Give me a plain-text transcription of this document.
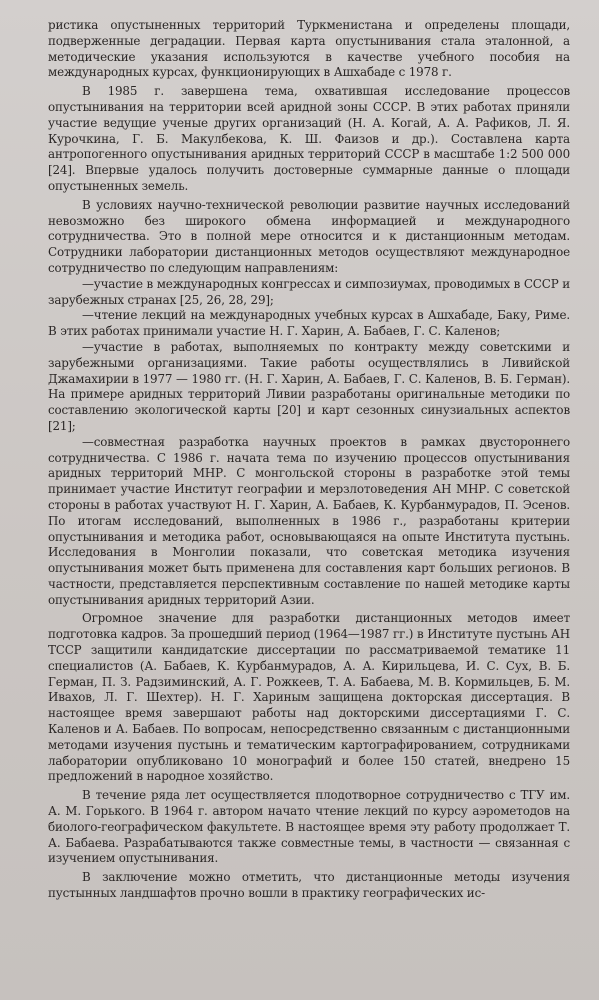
ристика опустыненных территорий Туркменистана и определены площади, подверженные деградации. Первая карта опустынивания стала эталонной, а методические указания используются в качестве учебного пособия на международных курсах, функционирующих в Ашхабаде с 1978 г.

В 1985 г. завершена тема, охватившая исследование процессов опустынивания на территории всей аридной зоны СССР. В этих работах приняли участие ведущие ученые других организаций (Н. А. Когай, А. А. Рафиков, Л. Я. Курочкина, Г. Б. Макулбекова, К. Ш. Фаизов и др.). Составлена карта антропогенного опустынивания аридных территорий СССР в масштабе 1:2 500 000 [24]. Впервые удалось получить достоверные суммарные данные о площади опустыненных земель.

В условиях научно-технической революции развитие научных исследований невозможно без широкого обмена информацией и международного сотрудничества. Это в полной мере относится и к дистанционным методам. Сотрудники лаборатории дистанционных методов осуществляют международное сотрудничество по следующим направлениям:

—участие в международных конгрессах и симпозиумах, проводимых в СССР и зарубежных странах [25, 26, 28, 29];

—чтение лекций на международных учебных курсах в Ашхабаде, Баку, Риме. В этих работах принимали участие Н. Г. Харин, А. Бабаев, Г. С. Каленов;

—участие в работах, выполняемых по контракту между советскими и зарубежными организациями. Такие работы осуществлялись в Ливийской Джамахирии в 1977 — 1980 гг. (Н. Г. Харин, А. Бабаев, Г. С. Каленов, В. Б. Герман). На примере аридных территорий Ливии разработаны оригинальные методики по составлению экологической карты [20] и карт сезонных синузиальных аспектов [21];

—совместная разработка научных проектов в рамках двустороннего сотрудничества. С 1986 г. начата тема по изучению процессов опустынивания аридных территорий МНР. С монгольской стороны в разработке этой темы принимает участие Институт географии и мерзлотоведения АН МНР. С советской стороны в работах участвуют Н. Г. Харин, А. Бабаев, К. Курбанмурадов, П. Эсенов. По итогам исследований, выполненных в 1986 г., разработаны критерии опустынивания и методика работ, основывающаяся на опыте Института пустынь. Исследования в Монголии показали, что советская методика изучения опустынивания может быть применена для составления карт больших регионов. В частности, представляется перспективным составление по нашей методике карты опустынивания аридных территорий Азии.

Огромное значение для разработки дистанционных методов имеет подготовка кадров. За прошедший период (1964—1987 гг.) в Институте пустынь АН ТССР защитили кандидатские диссертации по рассматриваемой тематике 11 специалистов (А. Бабаев, К. Курбанмурадов, А. А. Кирильцева, И. С. Сух, В. Б. Герман, П. З. Радзиминский, А. Г. Рожкеев, Т. А. Бабаева, М. В. Кормильцев, Б. М. Ивахов, Л. Г. Шехтер). Н. Г. Хариным защищена докторская диссертация. В настоящее время завершают работы над докторскими диссертациями Г. С. Каленов и А. Бабаев. По вопросам, непосредственно связанным с дистанционными методами изучения пустынь и тематическим картографированием, сотрудниками лаборатории опубликовано 10 монографий и более 150 статей, внедрено 15 предложений в народное хозяйство.

В течение ряда лет осуществляется плодотворное сотрудничество с ТГУ им. А. М. Горького. В 1964 г. автором начато чтение лекций по курсу аэрометодов на биолого-географическом факультете. В настоящее время эту работу продолжает Т. А. Бабаева. Разрабатываются также совместные темы, в частности — связанная с изучением опустынивания.

В заключение можно отметить, что дистанционные методы изучения пустынных ландшафтов прочно вошли в практику географических ис-
